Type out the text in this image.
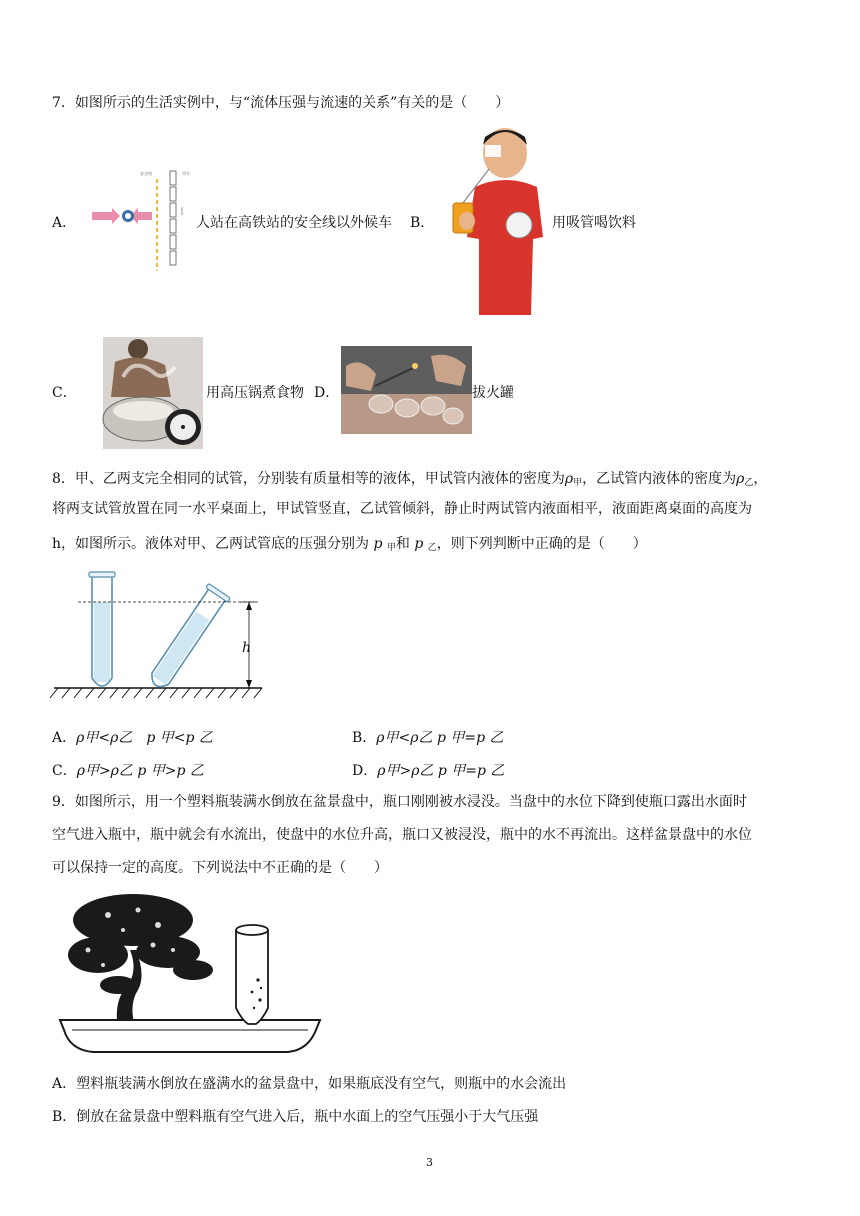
7．如图所示的生活实例中，与“流体压强与流速的关系”有关的是（　　）
A．
安全线	列车
人站在高铁站的安全线以外候车 B．	用吸管喝饮料
C．	用高压锅煮食物 D．	拔火罐
8．甲、乙两支完全相同的试管，分别装有质量相等的液体，甲试管内液体的密度为$\rho_甲$，乙试管内液体的密度为$\rho_乙$，
将两支试管放置在同一水平桌面上，甲试管竖直，乙试管倾斜，静止时两试管内液面相平，液面距离桌面的高度为
h，如图所示。液体对甲、乙两试管底的压强分别为 p $_甲$和 p $_乙$，则下列判断中正确的是（　　）
h
A．ρ甲<ρ乙　p 甲<p 乙	B．ρ甲<ρ乙 p 甲=p 乙
C．ρ甲>ρ乙 p 甲>p 乙	D．ρ甲>ρ乙 p 甲=p 乙
9．如图所示，用一个塑料瓶装满水倒放在盆景盘中，瓶口刚刚被水浸没。当盘中的水位下降到使瓶口露出水面时
空气进入瓶中，瓶中就会有水流出，使盘中的水位升高，瓶口又被浸没，瓶中的水不再流出。这样盆景盘中的水位
可以保持一定的高度。下列说法中不正确的是（　　）
A．塑料瓶装满水倒放在盛满水的盆景盘中，如果瓶底没有空气，则瓶中的水会流出
B．倒放在盆景盘中塑料瓶有空气进入后，瓶中水面上的空气压强小于大气压强
3
